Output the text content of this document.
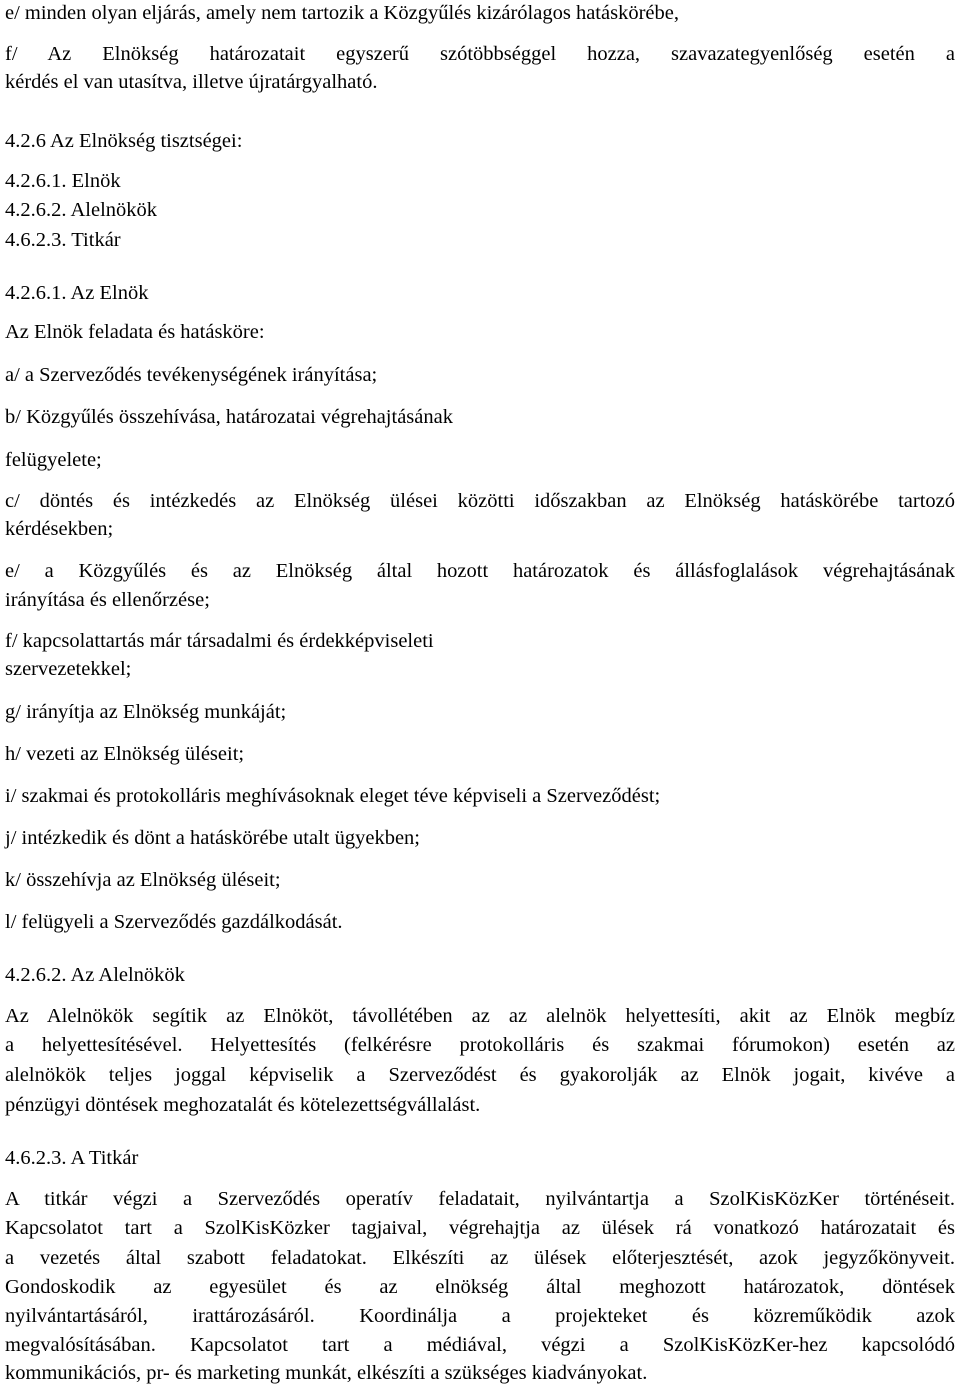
e/ minden olyan eljárás, amely nem tartozik a Közgyűlés kizárólagos hatáskörébe,
f/ Az Elnökség határozatait egyszerű szótöbbséggel hozza, szavazategyenlőség esetén a
kérdés el van utasítva, illetve újratárgyalható.
4.2.6 Az Elnökség tisztségei:
4.2.6.1. Elnök
4.2.6.2. Alelnökök
4.6.2.3. Titkár
4.2.6.1. Az Elnök
Az Elnök feladata és hatásköre:
a/ a Szerveződés tevékenységének irányítása;
b/ Közgyűlés összehívása, határozatai végrehajtásának
felügyelete;
c/ döntés és intézkedés az Elnökség ülései közötti időszakban az Elnökség hatáskörébe tartozó
kérdésekben;
e/ a Közgyűlés és az Elnökség által hozott határozatok és állásfoglalások végrehajtásának
irányítása és ellenőrzése;
f/ kapcsolattartás már társadalmi és érdekképviseleti
szervezetekkel;
g/ irányítja az Elnökség munkáját;
h/ vezeti az Elnökség üléseit;
i/ szakmai és protokolláris meghívásoknak eleget téve képviseli a Szerveződést;
j/ intézkedik és dönt a hatáskörébe utalt ügyekben;
k/ összehívja az Elnökség üléseit;
l/ felügyeli a Szerveződés gazdálkodását.
4.2.6.2. Az Alelnökök
Az Alelnökök segítik az Elnököt, távollétében az az alelnök helyettesíti, akit az Elnök megbíz
a helyettesítésével. Helyettesítés (felkérésre protokolláris és szakmai fórumokon) esetén az
alelnökök teljes joggal képviselik a Szerveződést és gyakorolják az Elnök jogait, kivéve a
pénzügyi döntések meghozatalát és kötelezettségvállalást.
4.6.2.3. A Titkár
A titkár végzi a Szerveződés operatív feladatait, nyilvántartja a SzolKisKözKer történéseit.
Kapcsolatot tart a SzolKisKözker tagjaival, végrehajtja az ülések rá vonatkozó határozatait és
a vezetés által szabott feladatokat. Elkészíti az ülések előterjesztését, azok jegyzőkönyveit.
Gondoskodik az egyesület és az elnökség által meghozott határozatok, döntések
nyilvántartásáról, irattározásáról. Koordinálja a projekteket és közreműködik azok
megvalósításában. Kapcsolatot tart a médiával, végzi a SzolKisKözKer-hez kapcsolódó
kommunikációs, pr- és marketing munkát, elkészíti a szükséges kiadványokat.
